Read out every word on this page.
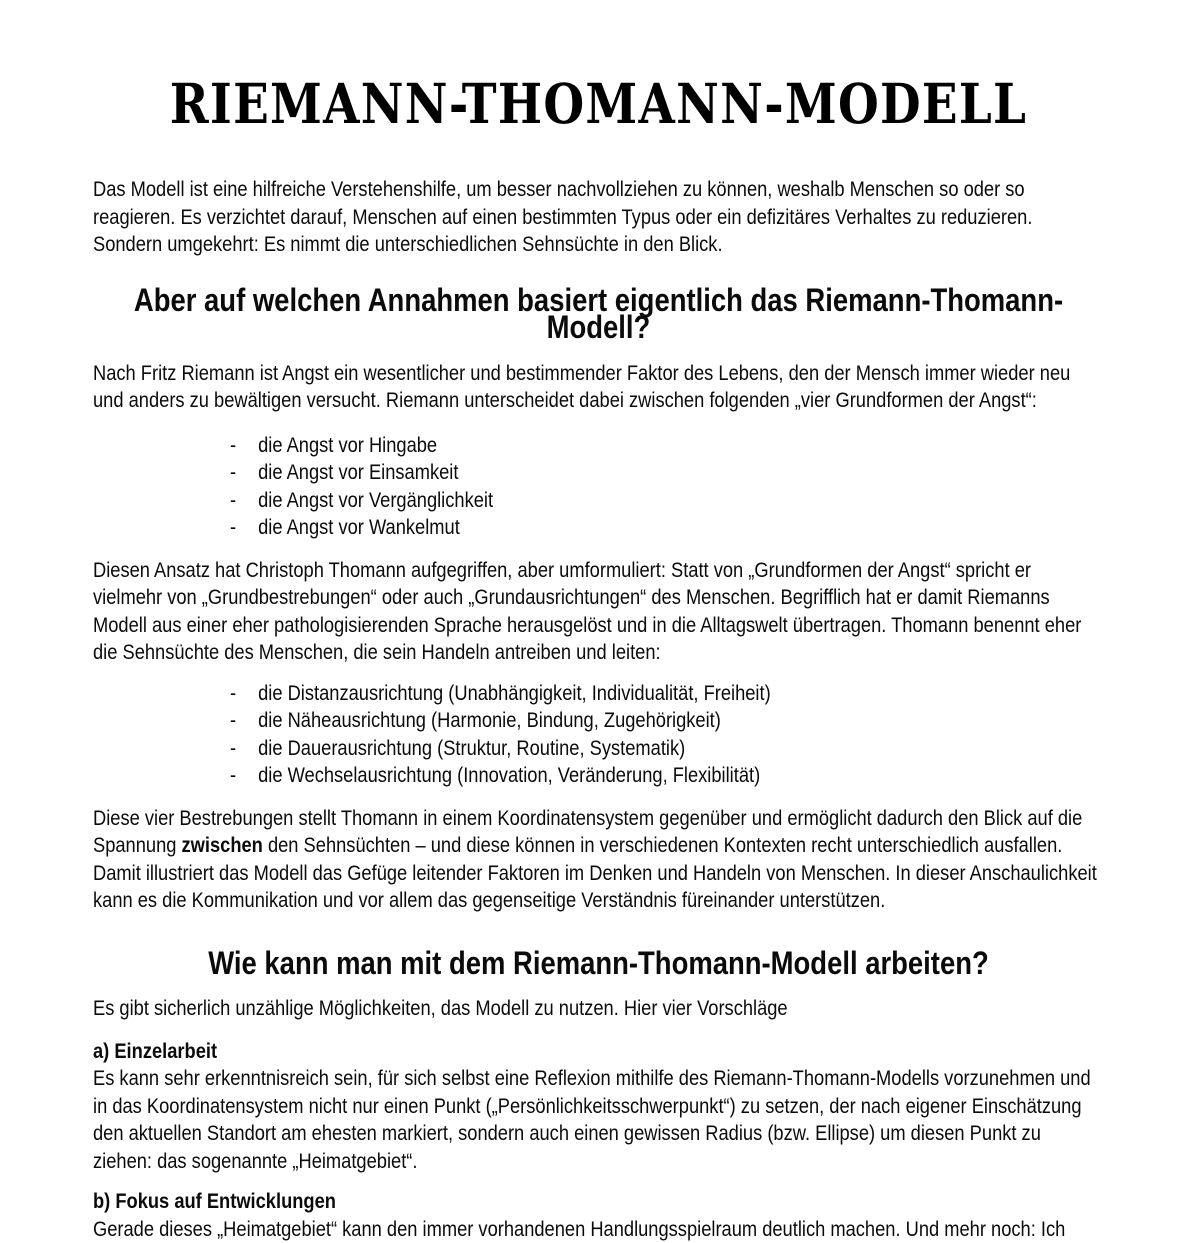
RIEMANN-THOMANN-MODELL

Das Modell ist eine hilfreiche Verstehenshilfe, um besser nachvollziehen zu können, weshalb Menschen so oder so reagieren. Es verzichtet darauf, Menschen auf einen bestimmten Typus oder ein defizitäres Verhaltes zu reduzieren. Sondern umgekehrt: Es nimmt die unterschiedlichen Sehnsüchte in den Blick.

Aber auf welchen Annahmen basiert eigentlich das Riemann-Thomann-Modell?

Nach Fritz Riemann ist Angst ein wesentlicher und bestimmender Faktor des Lebens, den der Mensch immer wieder neu und anders zu bewältigen versucht. Riemann unterscheidet dabei zwischen folgenden „vier Grundformen der Angst“:

-	die Angst vor Hingabe
-	die Angst vor Einsamkeit
-	die Angst vor Vergänglichkeit
-	die Angst vor Wankelmut

Diesen Ansatz hat Christoph Thomann aufgegriffen, aber umformuliert: Statt von „Grundformen der Angst“ spricht er vielmehr von „Grundbestrebungen“ oder auch „Grundausrichtungen“ des Menschen. Begrifflich hat er damit Riemanns Modell aus einer eher pathologisierenden Sprache herausgelöst und in die Alltagswelt übertragen. Thomann benennt eher die Sehnsüchte des Menschen, die sein Handeln antreiben und leiten:

-	die Distanzausrichtung (Unabhängigkeit, Individualität, Freiheit)
-	die Näheausrichtung (Harmonie, Bindung, Zugehörigkeit)
-	die Dauerausrichtung (Struktur, Routine, Systematik)
-	die Wechselausrichtung (Innovation, Veränderung, Flexibilität)

Diese vier Bestrebungen stellt Thomann in einem Koordinatensystem gegenüber und ermöglicht dadurch den Blick auf die Spannung zwischen den Sehnsüchten – und diese können in verschiedenen Kontexten recht unterschiedlich ausfallen. Damit illustriert das Modell das Gefüge leitender Faktoren im Denken und Handeln von Menschen. In dieser Anschaulichkeit kann es die Kommunikation und vor allem das gegenseitige Verständnis füreinander unterstützen.

Wie kann man mit dem Riemann-Thomann-Modell arbeiten?

Es gibt sicherlich unzählige Möglichkeiten, das Modell zu nutzen. Hier vier Vorschläge

a) Einzelarbeit
Es kann sehr erkenntnisreich sein, für sich selbst eine Reflexion mithilfe des Riemann-Thomann-Modells vorzunehmen und in das Koordinatensystem nicht nur einen Punkt („Persönlichkeitsschwerpunkt“) zu setzen, der nach eigener Einschätzung den aktuellen Standort am ehesten markiert, sondern auch einen gewissen Radius (bzw. Ellipse) um diesen Punkt zu ziehen: das sogenannte „Heimatgebiet“.
b) Fokus auf Entwicklungen
Gerade dieses „Heimatgebiet“ kann den immer vorhandenen Handlungsspielraum deutlich machen. Und mehr noch: Ich
